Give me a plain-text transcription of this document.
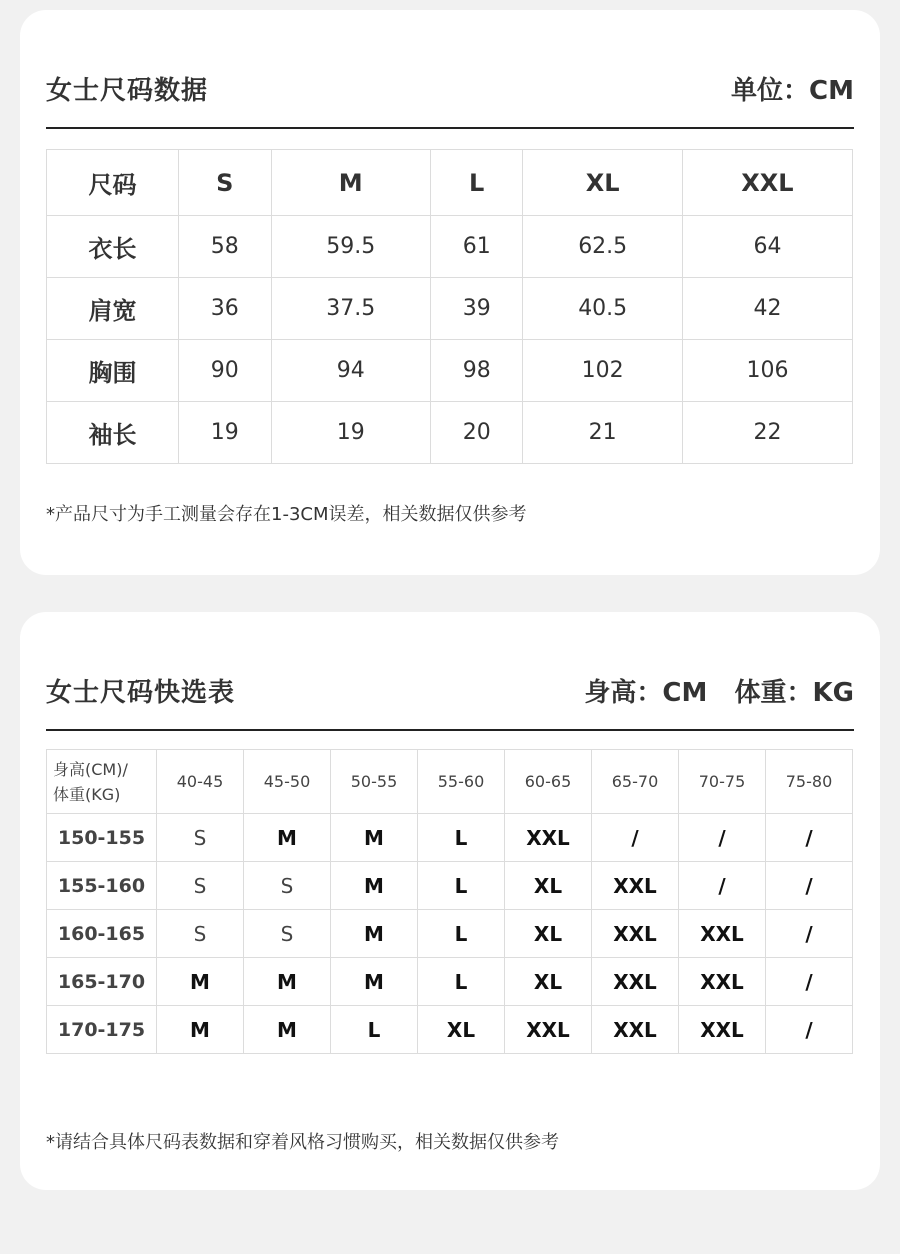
女士尺码数据	单位：CM
尺码	S	M	L	XL	XXL
衣长	58	59.5	61	62.5	64
肩宽	36	37.5	39	40.5	42
胸围	90	94	98	102	106
袖长	19	19	20	21	22
*产品尺寸为手工测量会存在1-3CM误差，相关数据仅供参考
女士尺码快选表	身高：CM   体重：KG
身高(CM)/
体重(KG)	40-45	45-50	50-55	55-60	60-65	65-70	70-75	75-80
150-155	S	M	M	L	XXL	/	/	/
155-160	S	S	M	L	XL	XXL	/	/
160-165	S	S	M	L	XL	XXL	XXL	/
165-170	M	M	M	L	XL	XXL	XXL	/
170-175	M	M	L	XL	XXL	XXL	XXL	/
*请结合具体尺码表数据和穿着风格习惯购买，相关数据仅供参考
